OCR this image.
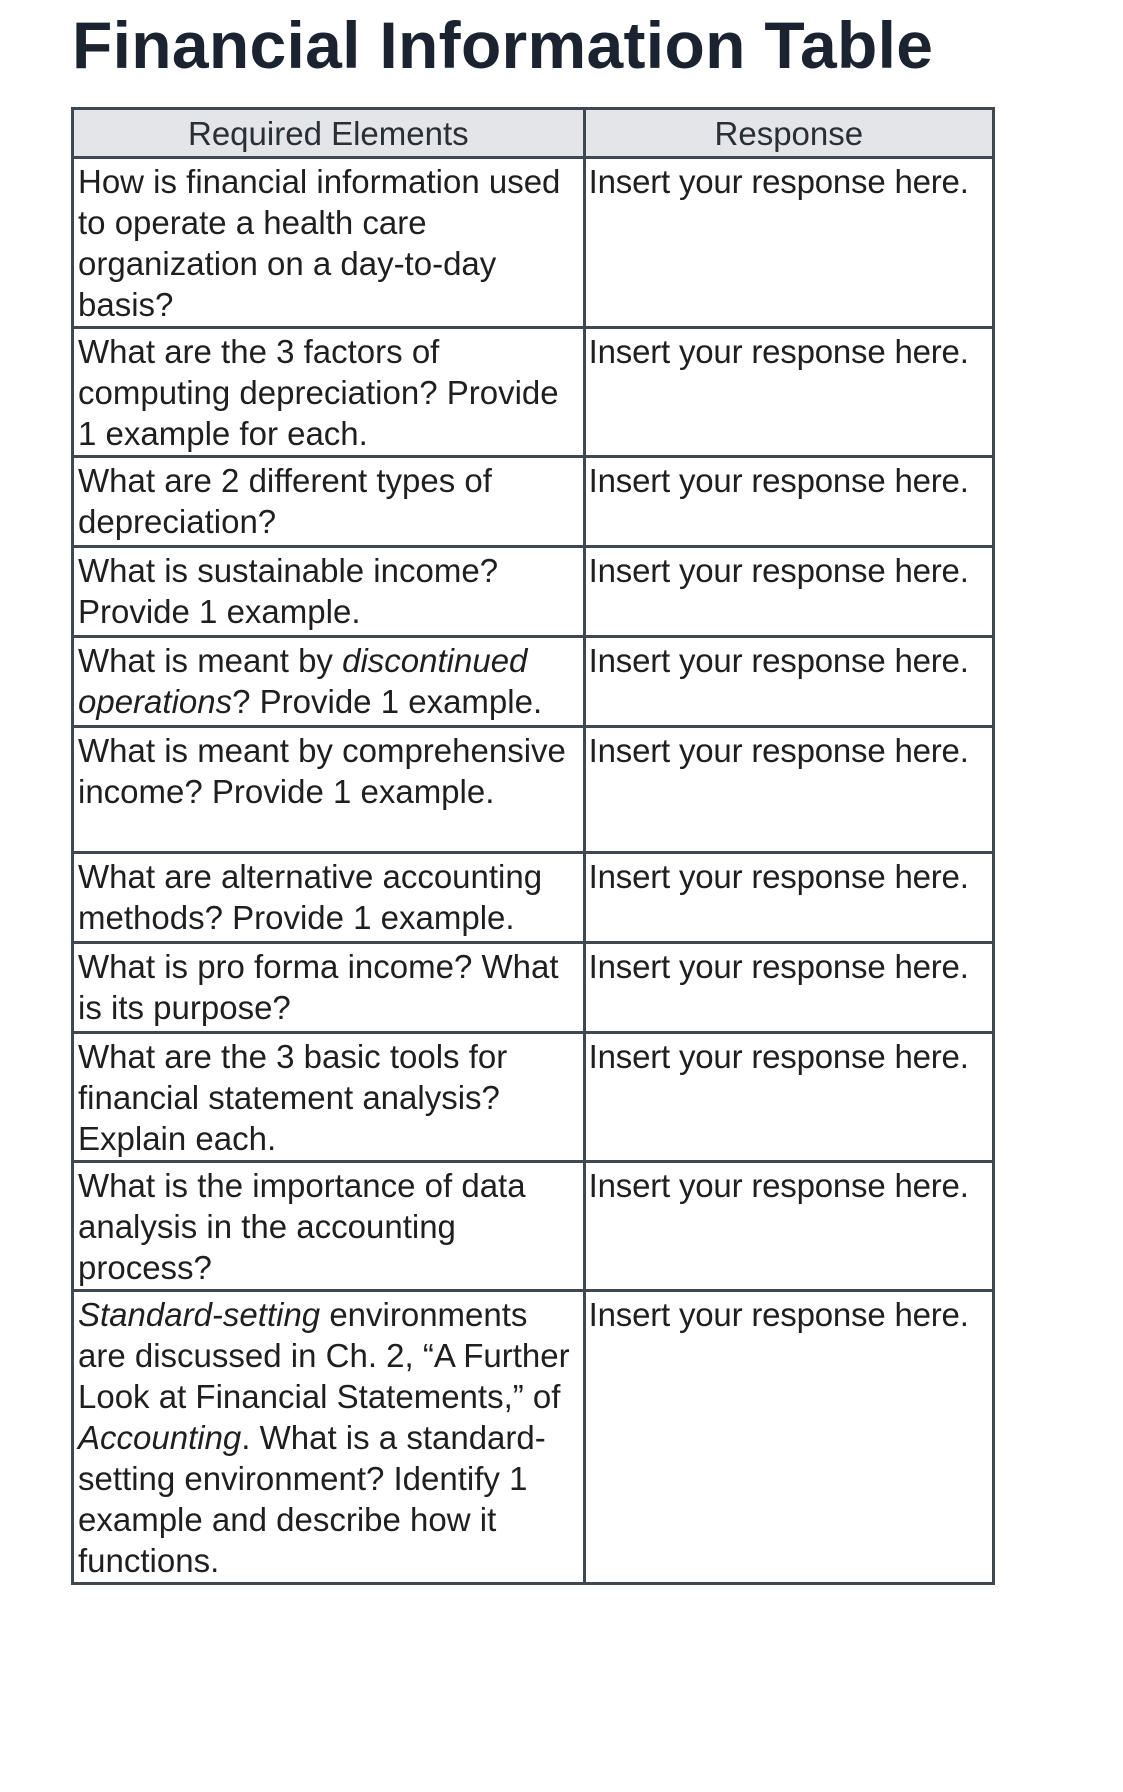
Financial Information Table
Required Elements	Response
How is financial information used to operate a health care organization on a day-to-day basis?	Insert your response here.
What are the 3 factors of computing depreciation? Provide 1 example for each.	Insert your response here.
What are 2 different types of depreciation?	Insert your response here.
What is sustainable income? Provide 1 example.	Insert your response here.
What is meant by discontinued operations? Provide 1 example.	Insert your response here.
What is meant by comprehensive income? Provide 1 example.	Insert your response here.
What are alternative accounting methods? Provide 1 example.	Insert your response here.
What is pro forma income? What is its purpose?	Insert your response here.
What are the 3 basic tools for financial statement analysis? Explain each.	Insert your response here.
What is the importance of data analysis in the accounting process?	Insert your response here.
Standard-setting environments are discussed in Ch. 2, “A Further Look at Financial Statements,” of Accounting. What is a standard-setting environment? Identify 1 example and describe how it functions.	Insert your response here.
